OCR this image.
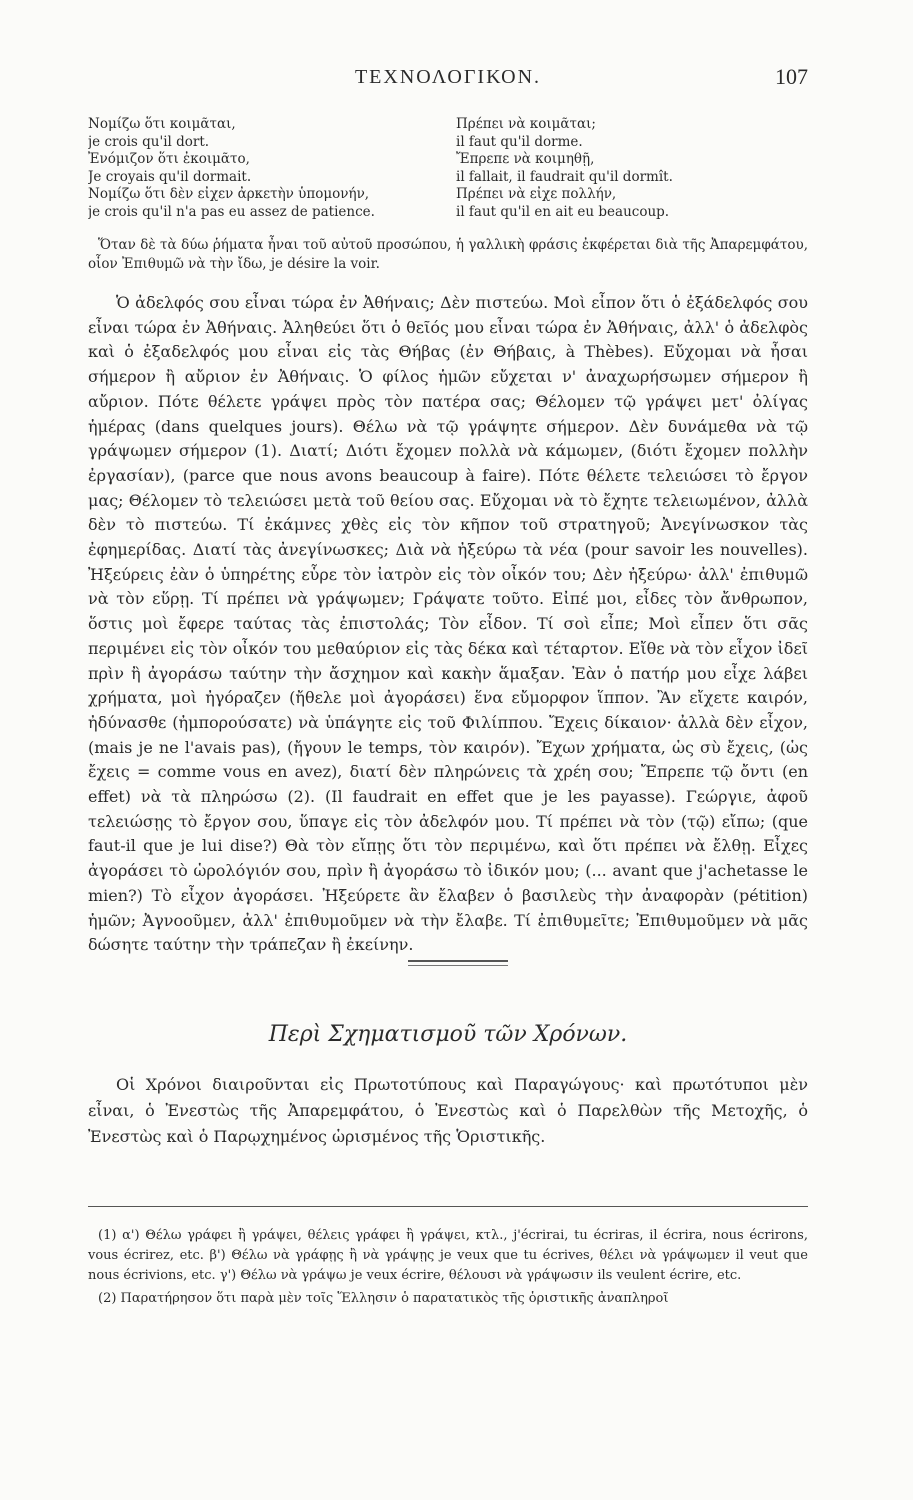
ΤΕΧΝΟΛΟΓΙΚΟΝ.	107
Νομίζω ὅτι κοιμᾶται,	Πρέπει νὰ κοιμᾶται;
je crois qu'il dort.	il faut qu'il dorme.
Ἐνόμιζον ὅτι ἐκοιμᾶτο,	Ἔπρεπε νὰ κοιμηθῇ,
Je croyais qu'il dormait.	il fallait, il faudrait qu'il dormît.
Νομίζω ὅτι δὲν εἶχεν ἀρκετὴν ὑπομονήν,	Πρέπει νὰ εἶχε πολλήν,
je crois qu'il n'a pas eu assez de patience.	il faut qu'il en ait eu beaucoup.

Ὅταν δὲ τὰ δύω ῥήματα ἦναι τοῦ αὐτοῦ προσώπου, ἡ γαλλικὴ φράσις ἐκφέρεται διὰ τῆς Ἀπαρεμφάτου, οἷον Ἐπιθυμῶ νὰ τὴν ἴδω, je désire la voir.

Ὁ ἀδελφός σου εἶναι τώρα ἐν Ἀθήναις; Δὲν πιστεύω. Μοὶ εἶπον ὅτι ὁ ἐξάδελφός σου εἶναι τώρα ἐν Ἀθήναις. Ἀληθεύει ὅτι ὁ θεῖός μου εἶναι τώρα ἐν Ἀθήναις, ἀλλ' ὁ ἀδελφὸς καὶ ὁ ἐξαδελφός μου εἶναι εἰς τὰς Θήβας (ἐν Θήβαις, à Thèbes). Εὔχομαι νὰ ἦσαι σήμερον ἢ αὔριον ἐν Ἀθήναις. Ὁ φίλος ἡμῶν εὔχεται ν' ἀναχωρήσωμεν σήμερον ἢ αὔριον. Πότε θέλετε γράψει πρὸς τὸν πατέρα σας; Θέλομεν τῷ γράψει μετ' ὀλίγας ἡμέρας (dans quelques jours). Θέλω νὰ τῷ γράψητε σήμερον. Δὲν δυνάμεθα νὰ τῷ γράψωμεν σήμερον (1). Διατί; Διότι ἔχομεν πολλὰ νὰ κάμωμεν, (διότι ἔχομεν πολλὴν ἐργασίαν), (parce que nous avons beaucoup à faire). Πότε θέλετε τελειώσει τὸ ἔργον μας; Θέλομεν τὸ τελειώσει μετὰ τοῦ θείου σας. Εὔχομαι νὰ τὸ ἔχητε τελειωμένον, ἀλλὰ δὲν τὸ πιστεύω. Τί ἐκάμνες χθὲς εἰς τὸν κῆπον τοῦ στρατηγοῦ; Ἀνεγίνωσκον τὰς ἐφημερίδας. Διατί τὰς ἀνεγίνωσκες; Διὰ νὰ ἠξεύρω τὰ νέα (pour savoir les nouvelles). Ἠξεύρεις ἐὰν ὁ ὑπηρέτης εὗρε τὸν ἰατρὸν εἰς τὸν οἶκόν του; Δὲν ἠξεύρω· ἀλλ' ἐπιθυμῶ νὰ τὸν εὕρῃ. Τί πρέπει νὰ γράψωμεν; Γράψατε τοῦτο. Εἰπέ μοι, εἶδες τὸν ἄνθρωπον, ὅστις μοὶ ἔφερε ταύτας τὰς ἐπιστολάς; Τὸν εἶδον. Τί σοὶ εἶπε; Μοὶ εἶπεν ὅτι σᾶς περιμένει εἰς τὸν οἶκόν του μεθαύριον εἰς τὰς δέκα καὶ τέταρτον. Εἴθε νὰ τὸν εἶχον ἰδεῖ πρὶν ἢ ἀγοράσω ταύτην τὴν ἄσχημον καὶ κακὴν ἅμαξαν. Ἐὰν ὁ πατήρ μου εἶχε λάβει χρήματα, μοὶ ἠγόραζεν (ἤθελε μοὶ ἀγοράσει) ἕνα εὔμορφον ἵππον. Ἂν εἴχετε καιρόν, ἠδύνασθε (ἠμπορούσατε) νὰ ὑπάγητε εἰς τοῦ Φιλίππου. Ἔχεις δίκαιον· ἀλλὰ δὲν εἶχον, (mais je ne l'avais pas), (ἤγουν le temps, τὸν καιρόν). Ἔχων χρήματα, ὡς σὺ ἔχεις, (ὡς ἔχεις = comme vous en avez), διατί δὲν πληρώνεις τὰ χρέη σου; Ἔπρεπε τῷ ὄντι (en effet) νὰ τὰ πληρώσω (2). (Il faudrait en effet que je les payasse). Γεώργιε, ἀφοῦ τελειώσῃς τὸ ἔργον σου, ὕπαγε εἰς τὸν ἀδελφόν μου. Τί πρέπει νὰ τὸν (τῷ) εἴπω; (que faut-il que je lui dise?) Θὰ τὸν εἴπῃς ὅτι τὸν περιμένω, καὶ ὅτι πρέπει νὰ ἔλθῃ. Εἶχες ἀγοράσει τὸ ὡρολόγιόν σου, πρὶν ἢ ἀγοράσω τὸ ἰδικόν μου; (... avant que j'achetasse le mien?) Τὸ εἶχον ἀγοράσει. Ἠξεύρετε ἂν ἔλαβεν ὁ βασιλεὺς τὴν ἀναφορὰν (pétition) ἡμῶν; Ἀγνοοῦμεν, ἀλλ' ἐπιθυμοῦμεν νὰ τὴν ἔλαβε. Τί ἐπιθυμεῖτε; Ἐπιθυμοῦμεν νὰ μᾶς δώσητε ταύτην τὴν τράπεζαν ἢ ἐκείνην.

Περὶ Σχηματισμοῦ τῶν Χρόνων.

Οἱ Χρόνοι διαιροῦνται εἰς Πρωτοτύπους καὶ Παραγώγους· καὶ πρωτότυποι μὲν εἶναι, ὁ Ἐνεστὼς τῆς Ἀπαρεμφάτου, ὁ Ἐνεστὼς καὶ ὁ Παρελθὼν τῆς Μετοχῆς, ὁ Ἐνεστὼς καὶ ὁ Παρῳχημένος ὡρισμένος τῆς Ὁριστικῆς.

(1) α') Θέλω γράφει ἢ γράψει, θέλεις γράφει ἢ γράψει, κτλ., j'écrirai, tu écriras, il écrira, nous écrirons, vous écrirez, etc. β') Θέλω νὰ γράφῃς ἢ νὰ γράψῃς je veux que tu écrives, θέλει νὰ γράψωμεν il veut que nous écrivions, etc. γ') Θέλω νὰ γράψω je veux écrire, θέλουσι νὰ γράψωσιν ils veulent écrire, etc.

(2) Παρατήρησον ὅτι παρὰ μὲν τοῖς Ἕλλησιν ὁ παρατατικὸς τῆς ὁριστικῆς ἀναπληροῖ
